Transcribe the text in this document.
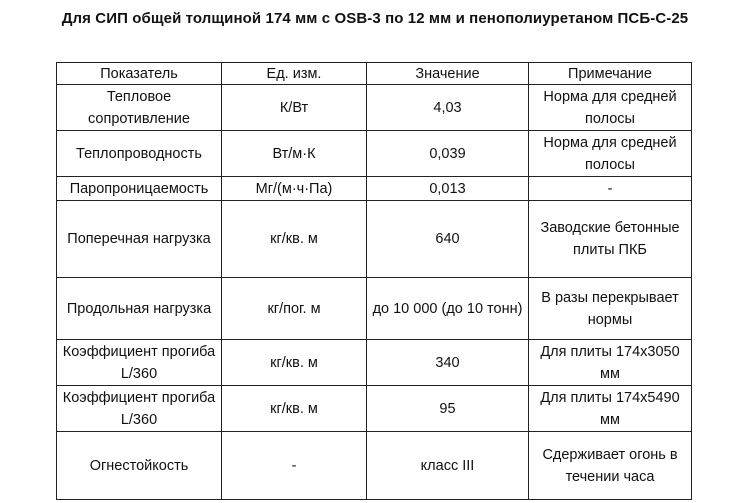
Для СИП общей толщиной 174 мм с OSB-3 по 12 мм и пенополиуретаном ПСБ-С-25
Показатель	Ед. изм.	Значение	Примечание
Тепловое сопротивление	К/Вт	4,03	Норма для средней полосы
Теплопроводность	Вт/м·К	0,039	Норма для средней полосы
Паропроницаемость	Мг/(м·ч·Па)	0,013	-
Поперечная нагрузка	кг/кв. м	640	Заводские бетонные плиты ПКБ
Продольная нагрузка	кг/пог. м	до 10 000 (до 10 тонн)	В разы перекрывает нормы
Коэффициент прогиба L/360	кг/кв. м	340	Для плиты 174х3050 мм
Коэффициент прогиба L/360	кг/кв. м	95	Для плиты 174х5490 мм
Огнестойкость	-	класс III	Сдерживает огонь в течении часа
